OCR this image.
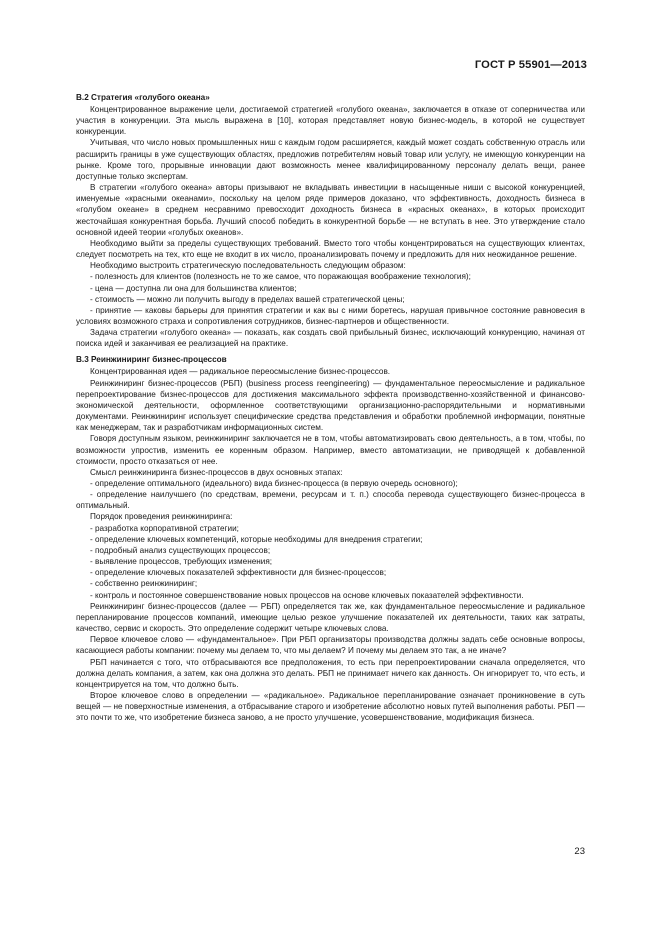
ГОСТ Р 55901—2013
В.2 Стратегия «голубого океана»

Концентрированное выражение цели, достигаемой стратегией «голубого океана», заключается в отказе от соперничества или участия в конкуренции. Эта мысль выражена в [10], которая представляет новую бизнес-модель, в которой не существует конкуренции.

Учитывая, что число новых промышленных ниш с каждым годом расширяется, каждый может создать собственную отрасль или расширить границы в уже существующих областях, предложив потребителям новый товар или услугу, не имеющую конкуренции на рынке. Кроме того, прорывные инновации дают возможность менее квалифицированному персоналу делать вещи, ранее доступные только экспертам.

В стратегии «голубого океана» авторы призывают не вкладывать инвестиции в насыщенные ниши с высокой конкуренцией, именуемые «красными океанами», поскольку на целом ряде примеров доказано, что эффективность, доходность бизнеса в «голубом океане» в среднем несравнимо превосходит доходность бизнеса в «красных океанах», в которых происходит жесточайшая конкурентная борьба. Лучший способ победить в конкурентной борьбе — не вступать в нее. Это утверждение стало основной идеей теории «голубых океанов».

Необходимо выйти за пределы существующих требований. Вместо того чтобы концентрироваться на существующих клиентах, следует посмотреть на тех, кто еще не входит в их число, проанализировать почему и предложить для них неожиданное решение.

Необходимо выстроить стратегическую последовательность следующим образом:

- полезность для клиентов (полезность не то же самое, что поражающая воображение технология);

- цена — доступна ли она для большинства клиентов;

- стоимость — можно ли получить выгоду в пределах вашей стратегической цены;

- принятие — каковы барьеры для принятия стратегии и как вы с ними боретесь, нарушая привычное состояние равновесия в условиях возможного страха и сопротивления сотрудников, бизнес-партнеров и общественности.

Задача стратегии «голубого океана» — показать, как создать свой прибыльный бизнес, исключающий конкуренцию, начиная от поиска идей и заканчивая ее реализацией на практике.

В.3 Реинжиниринг бизнес-процессов

Концентрированная идея — радикальное переосмысление бизнес-процессов.

Реинжиниринг бизнес-процессов (РБП) (business process reengineering) — фундаментальное переосмысление и радикальное перепроектирование бизнес-процессов для достижения максимального эффекта производственно-хозяйственной и финансово-экономической деятельности, оформленное соответствующими организационно-распорядительными и нормативными документами. Реинжиниринг использует специфические средства представления и обработки проблемной информации, понятные как менеджерам, так и разработчикам информационных систем.

Говоря доступным языком, реинжиниринг заключается не в том, чтобы автоматизировать свою деятельность, а в том, чтобы, по возможности упростив, изменить ее коренным образом. Например, вместо автоматизации, не приводящей к добавленной стоимости, просто отказаться от нее.

Смысл реинжиниринга бизнес-процессов в двух основных этапах:

- определение оптимального (идеального) вида бизнес-процесса (в первую очередь основного);

- определение наилучшего (по средствам, времени, ресурсам и т. п.) способа перевода существующего бизнес-процесса в оптимальный.

Порядок проведения реинжиниринга:

- разработка корпоративной стратегии;

- определение ключевых компетенций, которые необходимы для внедрения стратегии;

- подробный анализ существующих процессов;

- выявление процессов, требующих изменения;

- определение ключевых показателей эффективности для бизнес-процессов;

- собственно реинжиниринг;

- контроль и постоянное совершенствование новых процессов на основе ключевых показателей эффективности.

Реинжиниринг бизнес-процессов (далее — РБП) определяется так же, как фундаментальное переосмысление и радикальное перепланирование процессов компаний, имеющие целью резкое улучшение показателей их деятельности, таких как затраты, качество, сервис и скорость. Это определение содержит четыре ключевых слова.

Первое ключевое слово — «фундаментальное». При РБП организаторы производства должны задать себе основные вопросы, касающиеся работы компании: почему мы делаем то, что мы делаем? И почему мы делаем это так, а не иначе?

РБП начинается с того, что отбрасываются все предположения, то есть при перепроектировании сначала определяется, что должна делать компания, а затем, как она должна это делать. РБП не принимает ничего как данность. Он игнорирует то, что есть, и концентрируется на том, что должно быть.

Второе ключевое слово в определении — «радикальное». Радикальное перепланирование означает проникновение в суть вещей — не поверхностные изменения, а отбрасывание старого и изобретение абсолютно новых путей выполнения работы. РБП — это почти то же, что изобретение бизнеса заново, а не просто улучшение, усовершенствование, модификация бизнеса.

23
